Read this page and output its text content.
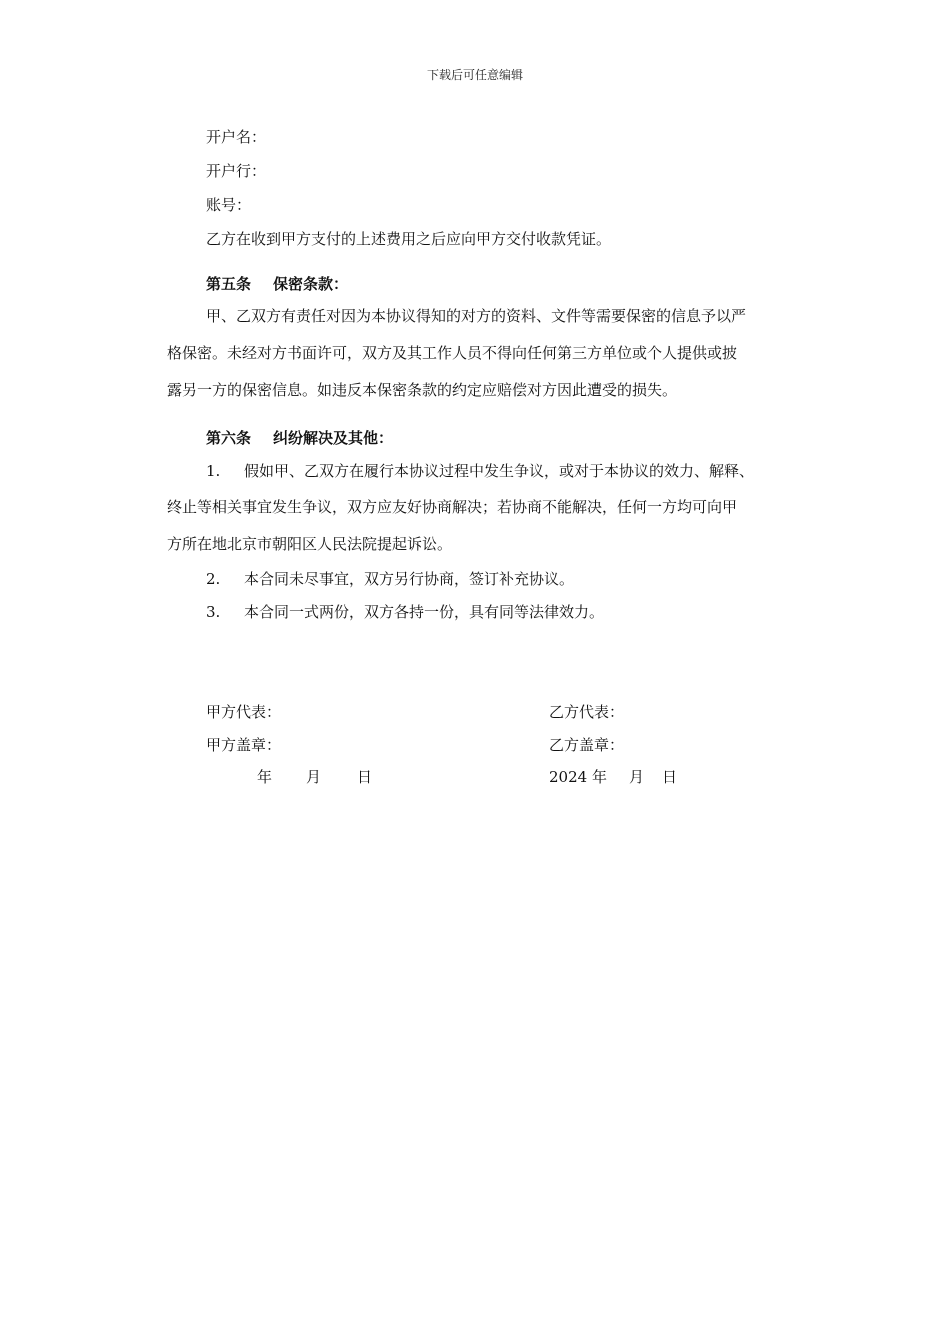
下载后可任意编辑
开户名：
开户行：
账号：
乙方在收到甲方支付的上述费用之后应向甲方交付收款凭证。
第五条 保密条款：
甲、乙双方有责任对因为本协议得知的对方的资料、文件等需要保密的信息予以严
格保密。未经对方书面许可，双方及其工作人员不得向任何第三方单位或个人提供或披
露另一方的保密信息。如违反本保密条款的约定应赔偿对方因此遭受的损失。
第六条 纠纷解决及其他：
1. 假如甲、乙双方在履行本协议过程中发生争议，或对于本协议的效力、解释、
终止等相关事宜发生争议，双方应友好协商解决；若协商不能解决，任何一方均可向甲
方所在地北京市朝阳区人民法院提起诉讼。
2. 本合同未尽事宜，双方另行协商，签订补充协议。
3. 本合同一式两份，双方各持一份，具有同等法律效力。
甲方代表：	乙方代表：
甲方盖章：	乙方盖章：
年 月 日	2024 年 月 日
